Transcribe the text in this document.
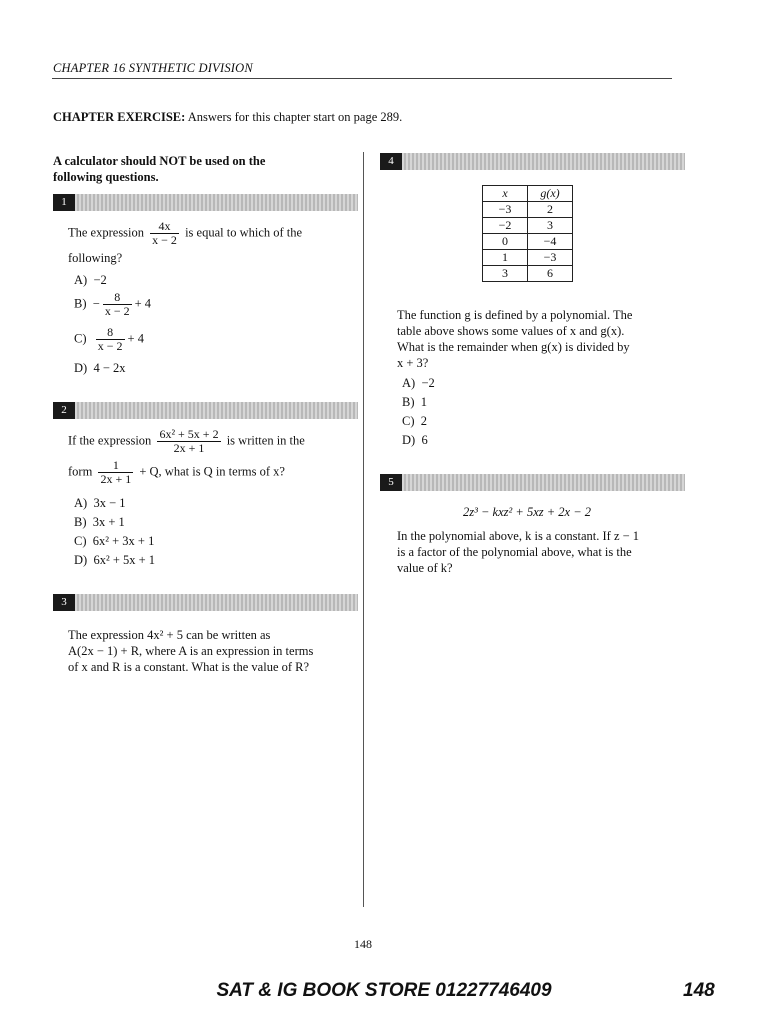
CHAPTER 16 SYNTHETIC DIVISION
CHAPTER EXERCISE: Answers for this chapter start on page 289.
A calculator should NOT be used on the following questions.
1
The expression $\frac{4x}{x - 2}$ is equal to which of the
following?
A) −2
$B) - \frac{8}{x - 2} + 4$
$C) \frac{8}{x - 2} + 4$
D) 4 − 2x
2
If the expression $\frac{\text{6x² + 5x + 2}}{2x + 1}$ is written in the
form $\frac{1}{2x + 1} + Q$, what is Q in terms of x?
A) 3x − 1
B) 3x + 1
C) 6x² + 3x + 1
D) 6x² + 5x + 1
3
The expression 4x² + 5 can be written as
A(2x − 1) + R, where A is an expression in terms
of x and R is a constant. What is the value of R?
4
x	g(x)
−3	2
−2	3
0	−4
1	−3
3	6
The function g is defined by a polynomial. The
table above shows some values of x and g(x).
What is the remainder when g(x) is divided by
x + 3?
A) −2
B) 1
C) 2
D) 6
5
2z³ − kxz² + 5xz + 2x − 2
In the polynomial above, k is a constant. If z − 1
is a factor of the polynomial above, what is the
value of k?
148
SAT & IG BOOK STORE 01227746409	148
